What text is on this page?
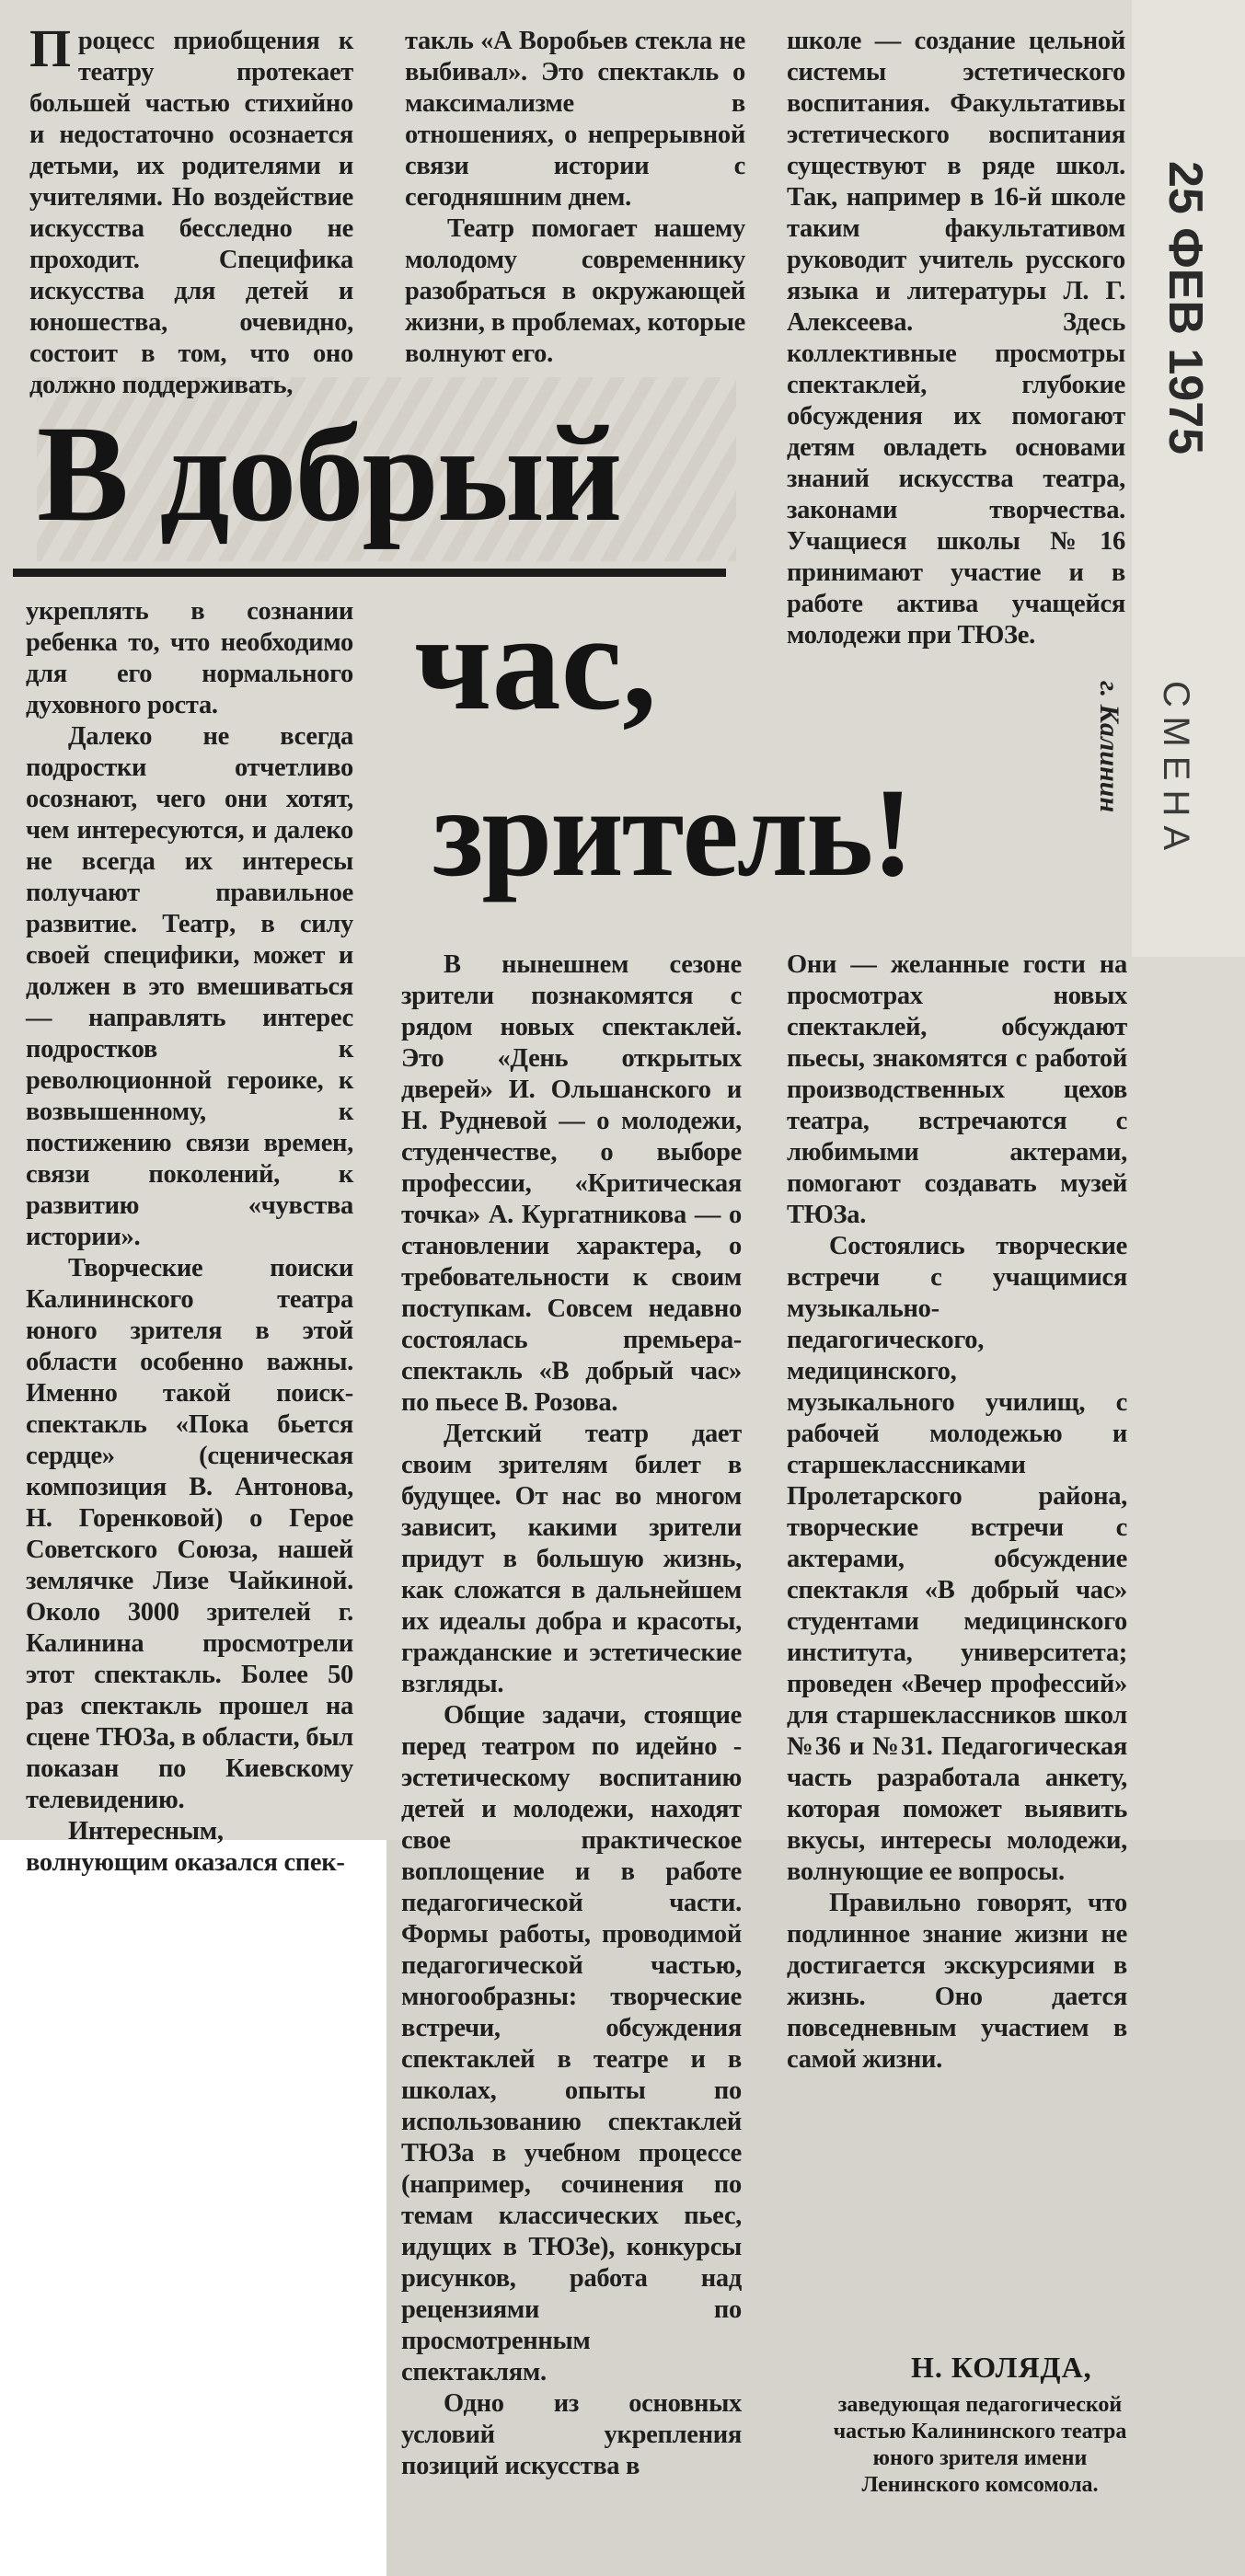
Процесс приобщения к театру протекает большей частью стихийно и недостаточно осознается детьми, их родителями и учителями. Но воздействие искусства бесследно не проходит. Специфика искусства для детей и юношества, очевидно, состоит в том, что оно должно поддерживать,

такль «А Воробьев стекла не выбивал». Это спектакль о максимализме в отношениях, о непрерывной связи истории с сегодняшним днем.

Театр помогает нашему молодому современнику разобраться в окружающей жизни, в проблемах, которые волнуют его.

школе — создание цельной системы эстетического воспитания. Факультативы эстетического воспитания существуют в ряде школ. Так, например в 16-й школе таким факультативом руководит учитель русского языка и литературы Л. Г. Алексеева. Здесь коллективные просмотры спектаклей, глубокие обсуждения их помогают детям овладеть основами знаний искусства театра, законами творчества. Учащиеся школы №16 принимают участие и в работе актива учащейся молодежи при ТЮЗе.

В добрый
час,
зритель!
г. Калинин
25 ФЕВ 1975
СМЕНА

укреплять в сознании ребенка то, что необходимо для его нормального духовного роста.

Далеко не всегда подростки отчетливо осознают, чего они хотят, чем интересуются, и далеко не всегда их интересы получают правильное развитие. Театр, в силу своей специфики, может и должен в это вмешиваться — направлять интерес подростков к революционной героике, к возвышенному, к постижению связи времен, связи поколений, к развитию «чувства истории».

Творческие поиски Калининского театра юного зрителя в этой области особенно важны. Именно такой поиск-спектакль «Пока бьется сердце» (сценическая композиция В. Антонова, Н. Горенковой) о Герое Советского Союза, нашей землячке Лизе Чайкиной. Около 3000 зрителей г. Калинина просмотрели этот спектакль. Более 50 раз спектакль прошел на сцене ТЮЗа, в области, был показан по Киевскому телевидению.

Интересным, волнующим оказался спек-

В нынешнем сезоне зрители познакомятся с рядом новых спектаклей. Это «День открытых дверей» И. Ольшанского и Н. Рудневой — о молодежи, студенчестве, о выборе профессии, «Критическая точка» А. Кургатникова — о становлении характера, о требовательности к своим поступкам. Совсем недавно состоялась премьера-спектакль «В добрый час» по пьесе В. Розова.

Детский театр дает своим зрителям билет в будущее. От нас во многом зависит, какими зрители придут в большую жизнь, как сложатся в дальнейшем их идеалы добра и красоты, гражданские и эстетические взгляды.

Общие задачи, стоящие перед театром по идейно - эстетическому воспитанию детей и молодежи, находят свое практическое воплощение и в работе педагогической части. Формы работы, проводимой педагогической частью, многообразны: творческие встречи, обсуждения спектаклей в театре и в школах, опыты по использованию спектаклей ТЮЗа в учебном процессе (например, сочинения по темам классических пьес, идущих в ТЮЗе), конкурсы рисунков, работа над рецензиями по просмотренным спектаклям.

Одно из основных условий укрепления позиций искусства в

Они — желанные гости на просмотрах новых спектаклей, обсуждают пьесы, знакомятся с работой производственных цехов театра, встречаются с любимыми актерами, помогают создавать музей ТЮЗа.

Состоялись творческие встречи с учащимися музыкально-педагогического, медицинского, музыкального училищ, с рабочей молодежью и старшеклассниками Пролетарского района, творческие встречи с актерами, обсуждение спектакля «В добрый час» студентами медицинского института, университета; проведен «Вечер профессий» для старшеклассников школ №36 и №31. Педагогическая часть разработала анкету, которая поможет выявить вкусы, интересы молодежи, волнующие ее вопросы.

Правильно говорят, что подлинное знание жизни не достигается экскурсиями в жизнь. Оно дается повседневным участием в самой жизни.

Н. КОЛЯДА,
заведующая педагогической частью Калининского театра юного зрителя имени Ленинского комсомола.
